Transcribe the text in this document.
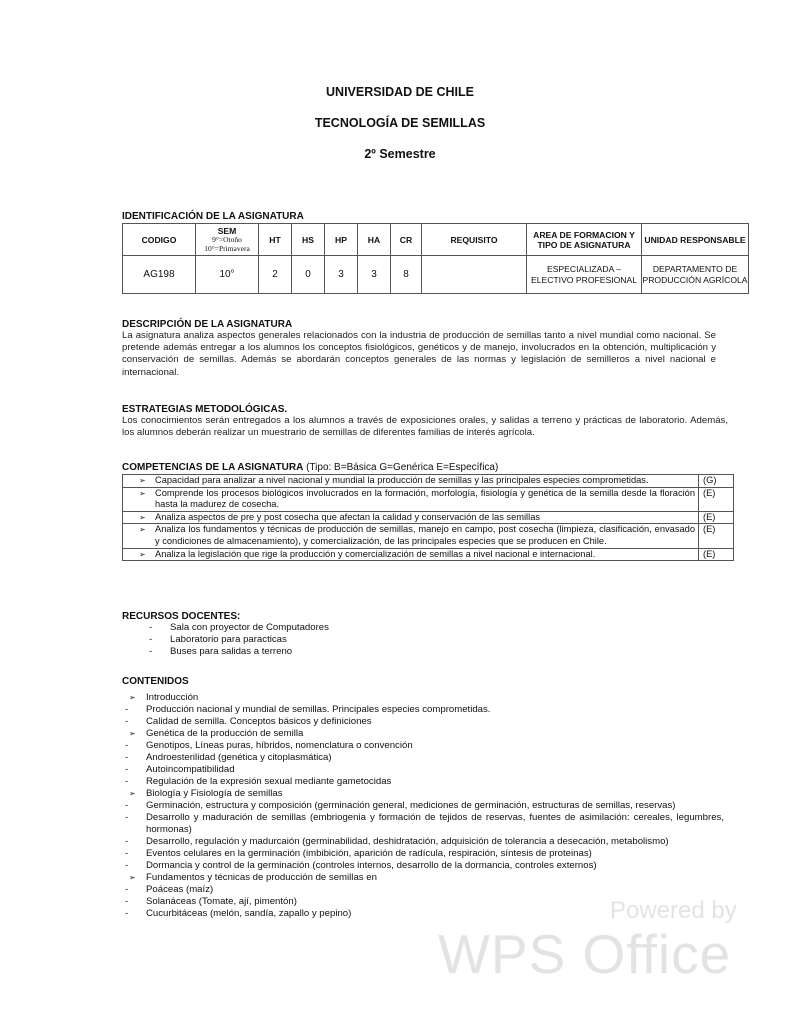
UNIVERSIDAD DE CHILE
TECNOLOGÍA DE SEMILLAS
2º Semestre
IDENTIFICACIÓN DE LA ASIGNATURA
CODIGO	SEM
9°=Otoño
10°=Primavera	HT	HS	HP	HA	CR	REQUISITO	AREA DE FORMACION Y TIPO DE ASIGNATURA	UNIDAD RESPONSABLE
AG198	10°	2	0	3	3	8		ESPECIALIZADA – ELECTIVO PROFESIONAL	DEPARTAMENTO DE PRODUCCIÓN AGRÍCOLA
DESCRIPCIÓN DE LA ASIGNATURA
La asignatura analiza aspectos generales relacionados con la industria de producción de semillas tanto a nivel mundial como nacional. Se pretende además entregar a los alumnos los conceptos fisiológicos, genéticos y de manejo, involucrados en la obtención, multiplicación y conservación de semillas. Además se abordarán conceptos generales de las normas y legislación de semilleros a nivel nacional e internacional.
ESTRATEGIAS METODOLÓGICAS.
Los conocimientos serán entregados a los alumnos a través de exposiciones orales, y salidas a terreno y prácticas de laboratorio. Además, los alumnos deberán realizar un muestrario de semillas de diferentes familias de interés agrícola.
COMPETENCIAS DE LA ASIGNATURA (Tipo: B=Básica G=Genérica E=Específica)
➢ Capacidad para analizar a nivel nacional y mundial la producción de semillas y las principales especies comprometidas.	(G)

➢ Comprende los procesos biológicos involucrados en la formación, morfología, fisiología y genética de la semilla desde la floración hasta la madurez de cosecha.	(E)

➢ Analiza aspectos de pre y post cosecha que afectan la calidad y conservación de las semillas	(E)

➢ Analiza los fundamentos y técnicas de producción de semillas, manejo en campo, post cosecha (limpieza, clasificación, envasado y condiciones de almacenamiento), y comercialización, de las principales especies que se producen en Chile.	(E)

➢ Analiza la legislación que rige la producción y comercialización de semillas a nivel nacional e internacional.	(E)
RECURSOS DOCENTES:
- Sala con proyector de Computadores
- Laboratorio para paracticas
- Buses para salidas a terreno
CONTENIDOS
➢ Introducción
- Producción nacional y mundial de semillas. Principales especies comprometidas.
- Calidad de semilla. Conceptos básicos y definiciones
➢ Genética de la producción de semilla
- Genotipos, Líneas puras, híbridos, nomenclatura o convención
- Androesterilidad (genética y citoplasmática)
- Autoincompatibilidad
- Regulación de la expresión sexual mediante gametocidas
➢ Biología y Fisiología de semillas
- Germinación, estructura y composición (germinación general, mediciones de germinación, estructuras de semillas, reservas)
- Desarrollo y maduración de semillas (embriogenia y formación de tejidos de reservas, fuentes de asimilación: cereales, legumbres, hormonas)
- Desarrollo, regulación y madurcaión (germinabilidad, deshidratación, adquisición de tolerancia a desecación, metabolismo)
- Eventos celulares en la germinación (imbibición, aparición de radícula, respiración, síntesis de proteinas)
- Dormancia y control de la germinación (controles internos, desarrollo de la dormancia, controles externos)
➢ Fundamentos y técnicas de producción de semillas en
- Poáceas (maíz)
- Solanáceas (Tomate, ají, pimentón)
- Cucurbitáceas (melón, sandía, zapallo y pepino)	Powered by
WPS Office
